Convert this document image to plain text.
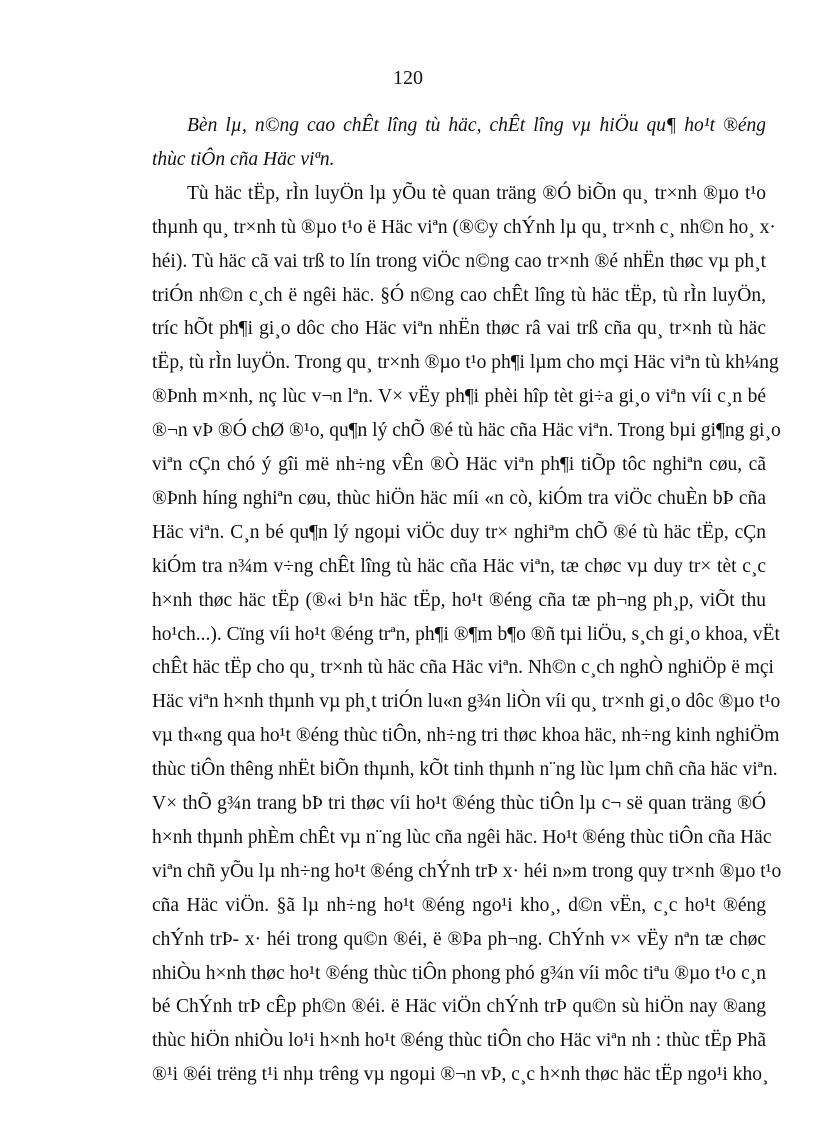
120
Bèn lµ, n©ng cao chÊt lîng tù häc, chÊt lîng vµ hiÖu qu¶ ho¹t ®éng
thùc tiÔn cña Häc viªn.
Tù häc tËp, rÌn luyÖn lµ yÕu tè quan träng ®Ó biÕn qu¸ tr×nh ®µo t¹o
thµnh qu¸ tr×nh tù ®µo t¹o ë Häc viªn (®©y chÝnh lµ qu¸ tr×nh c¸ nh©n ho¸ x·
héi). Tù häc cã vai trß to lín trong viÖc n©ng cao tr×nh ®é nhËn thøc vµ ph¸t
triÓn nh©n c¸ch ë ngêi häc. §Ó n©ng cao chÊt lîng tù häc tËp, tù rÌn luyÖn,
tríc hÕt ph¶i gi¸o dôc cho Häc viªn nhËn thøc râ vai trß cña qu¸ tr×nh tù häc
tËp, tù rÌn luyÖn. Trong qu¸ tr×nh ®µo t¹o ph¶i lµm cho mçi Häc viªn tù kh¼ng
®Þnh m×nh, nç lùc v¬n lªn. V× vËy ph¶i phèi hîp tèt gi÷a gi¸o viªn víi c¸n bé
®¬n vÞ ®Ó chØ ®¹o, qu¶n lý chÕ ®é tù häc cña Häc viªn. Trong bµi gi¶ng gi¸o
viªn cÇn chó ý gîi më nh÷ng vÊn ®Ò Häc viªn ph¶i tiÕp tôc nghiªn cøu, cã
®Þnh híng nghiªn cøu, thùc hiÖn häc míi «n cò, kiÓm tra viÖc chuÈn bÞ cña
Häc viªn. C¸n bé qu¶n lý ngoµi viÖc duy tr× nghiªm chÕ ®é tù häc tËp, cÇn
kiÓm tra n¾m v÷ng chÊt lîng tù häc cña Häc viªn, tæ chøc vµ duy tr× tèt c¸c
h×nh thøc häc tËp (®«i b¹n häc tËp, ho¹t ®éng cña tæ ph¬ng ph¸p, viÕt thu
ho¹ch...). Cïng víi ho¹t ®éng trªn, ph¶i ®¶m b¶o ®ñ tµi liÖu, s¸ch gi¸o khoa, vËt
chÊt häc tËp cho qu¸ tr×nh tù häc cña Häc viªn. Nh©n c¸ch nghÒ nghiÖp ë mçi
Häc viªn h×nh thµnh vµ ph¸t triÓn lu«n g¾n liÒn víi qu¸ tr×nh gi¸o dôc ®µo t¹o
vµ th«ng qua ho¹t ®éng thùc tiÔn, nh÷ng tri thøc khoa häc, nh÷ng kinh nghiÖm
thùc tiÔn thêng nhËt biÕn thµnh, kÕt tinh thµnh n¨ng lùc lµm chñ cña häc viªn.
V× thÕ g¾n trang bÞ tri thøc víi ho¹t ®éng thùc tiÔn lµ c¬ së quan träng ®Ó
h×nh thµnh phÈm chÊt vµ n¨ng lùc cña ngêi häc. Ho¹t ®éng thùc tiÔn cña Häc
viªn chñ yÕu lµ nh÷ng ho¹t ®éng chÝnh trÞ x· héi n»m trong quy tr×nh ®µo t¹o
cña Häc viÖn. §ã lµ nh÷ng ho¹t ®éng ngo¹i kho¸, d©n vËn, c¸c ho¹t ®éng
chÝnh trÞ- x· héi trong qu©n ®éi, ë ®Þa ph¬ng. ChÝnh v× vËy nªn tæ chøc
nhiÒu h×nh thøc ho¹t ®éng thùc tiÔn phong phó g¾n víi môc tiªu ®µo t¹o c¸n
bé ChÝnh trÞ cÊp ph©n ®éi. ë Häc viÖn chÝnh trÞ qu©n sù hiÖn nay ®ang
thùc hiÖn nhiÒu lo¹i h×nh ho¹t ®éng thùc tiÔn cho Häc viªn nh : thùc tËp Phã
®¹i ®éi trëng t¹i nhµ trêng vµ ngoµi ®¬n vÞ, c¸c h×nh thøc häc tËp ngo¹i kho¸
